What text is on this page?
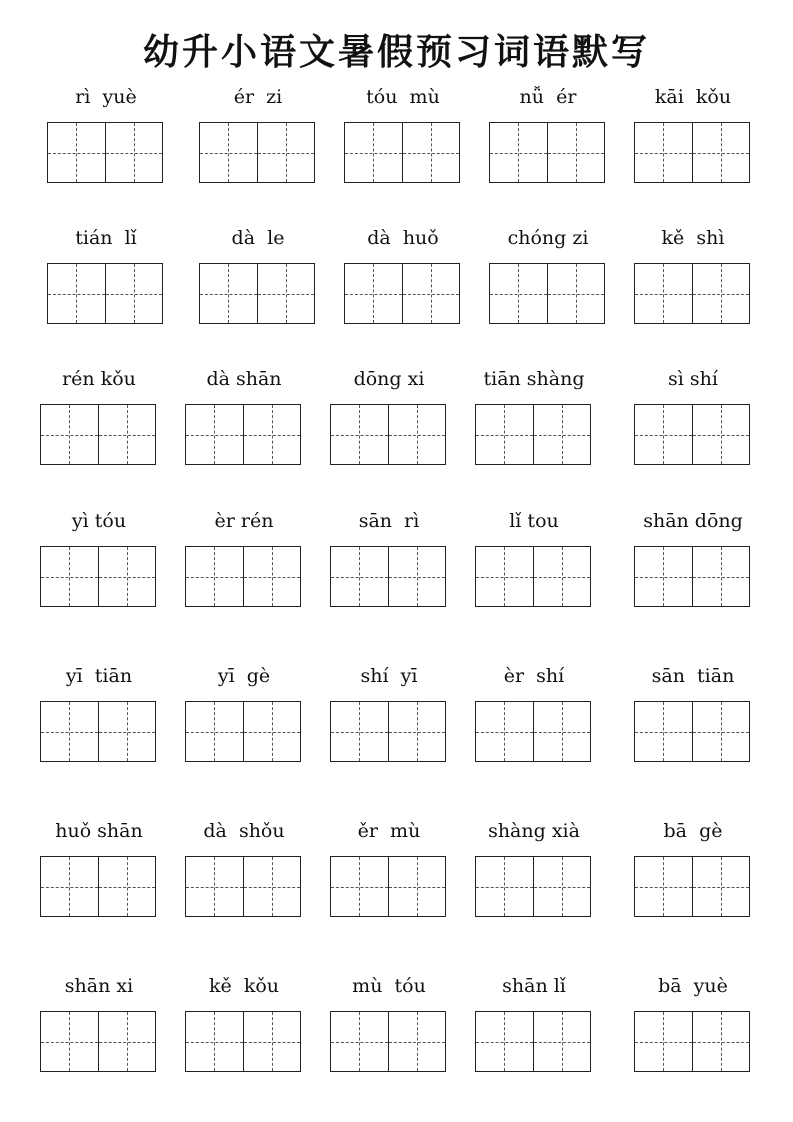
幼升小语文暑假预习词语默写
rì  yuè	ér  zi	tóu  mù	nǚ  ér	kāi  kǒu
tián  lǐ	dà  le	dà  huǒ	chóng zi	kě  shì
rén kǒu	dà shān	dōng xi	tiān shàng	sì shí
yì tóu	èr rén	sān  rì	lǐ tou	shān dōng
yī  tiān	yī  gè	shí  yī	èr  shí	sān  tiān
huǒ shān	dà  shǒu	ěr  mù	shàng xià	bā  gè
shān xi	kě  kǒu	mù  tóu	shān lǐ	bā  yuè
